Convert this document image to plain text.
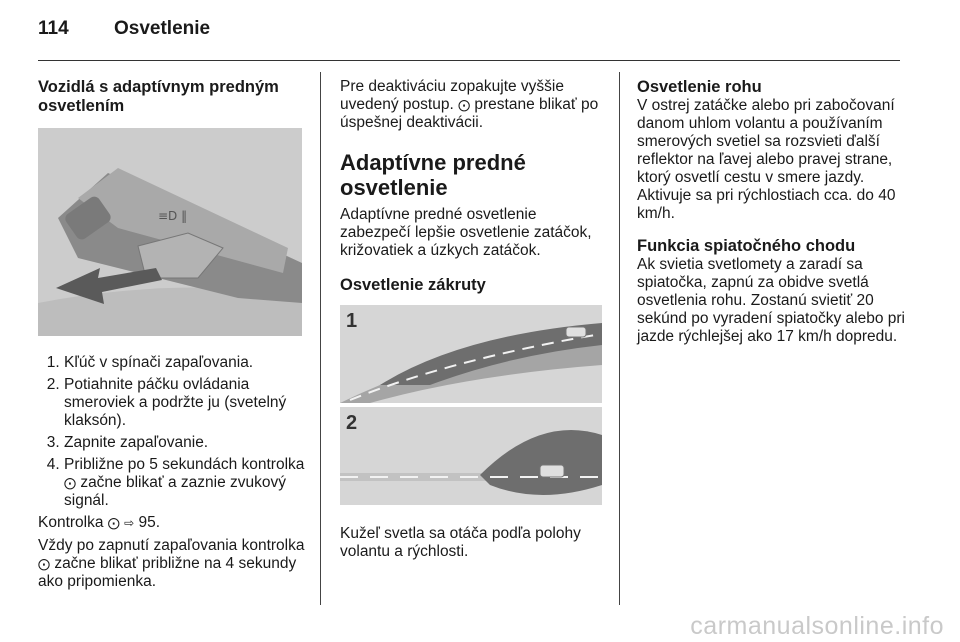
114 Osvetlenie
Vozidlá s adaptívnym predným osvetlením
≡D ‖
1. Kľúč v spínači zapaľovania.
2. Potiahnite páčku ovládania smeroviek a podržte ju (svetelný klaksón).
3. Zapnite zapaľovanie.
4. Približne po 5 sekundách kontrolka ⨀ začne blikať a zaznie zvukový signál.

Kontrolka ⨀ ⇨ 95.

Vždy po zapnutí zapaľovania kontrolka ⨀ začne blikať približne na 4 sekundy ako pripomienka.

Pre deaktiváciu zopakujte vyššie uvedený postup. ⨀ prestane blikať po úspešnej deaktivácii.

Adaptívne predné osvetlenie

Adaptívne predné osvetlenie zabezpečí lepšie osvetlenie zatáčok, križovatiek a úzkych zatáčok.

Osvetlenie zákruty
1
2

Kužeľ svetla sa otáča podľa polohy volantu a rýchlosti.

Osvetlenie rohu

V ostrej zatáčke alebo pri zabočovaní danom uhlom volantu a používaním smerových svetiel sa rozsvieti ďalší reflektor na ľavej alebo pravej strane, ktorý osvetlí cestu v smere jazdy. Aktivuje sa pri rýchlostiach cca. do 40 km/h.

Funkcia spiatočného chodu

Ak svietia svetlomety a zaradí sa spiatočka, zapnú za obidve svetlá osvetlenia rohu. Zostanú svietiť 20 sekúnd po vyradení spiatočky alebo pri jazde rýchlejšej ako 17 km/h dopredu.

carmanualsonline.info
